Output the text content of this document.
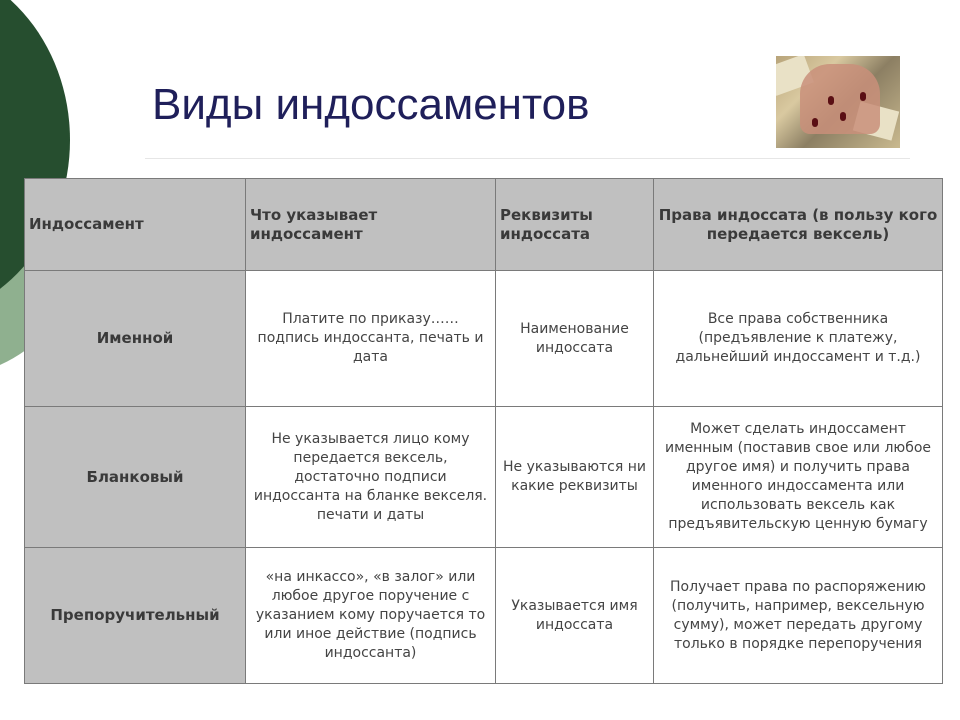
Виды индоссаментов
Индоссамент	Что указывает индоссамент	Реквизиты индоссата	Права индоссата (в пользу кого передается вексель)
Именной	Платите по приказу…… подпись индоссанта, печать и дата	Наименование индоссата	Все права собственника (предъявление к платежу, дальнейший индоссамент и т.д.)
Бланковый	Не указывается лицо кому передается вексель, достаточно подписи индоссанта на бланке векселя. печати и даты	Не указываются ни какие реквизиты	Может сделать индоссамент именным (поставив свое или любое другое имя) и получить права именного индоссамента или использовать вексель как предъявительскую ценную бумагу
Препоручительный	«на инкассо», «в залог» или любое другое поручение с указанием кому поручается то или иное действие (подпись индоссанта)	Указывается имя индоссата	Получает права по распоряжению (получить, например, вексельную сумму), может передать другому только в порядке перепоручения
